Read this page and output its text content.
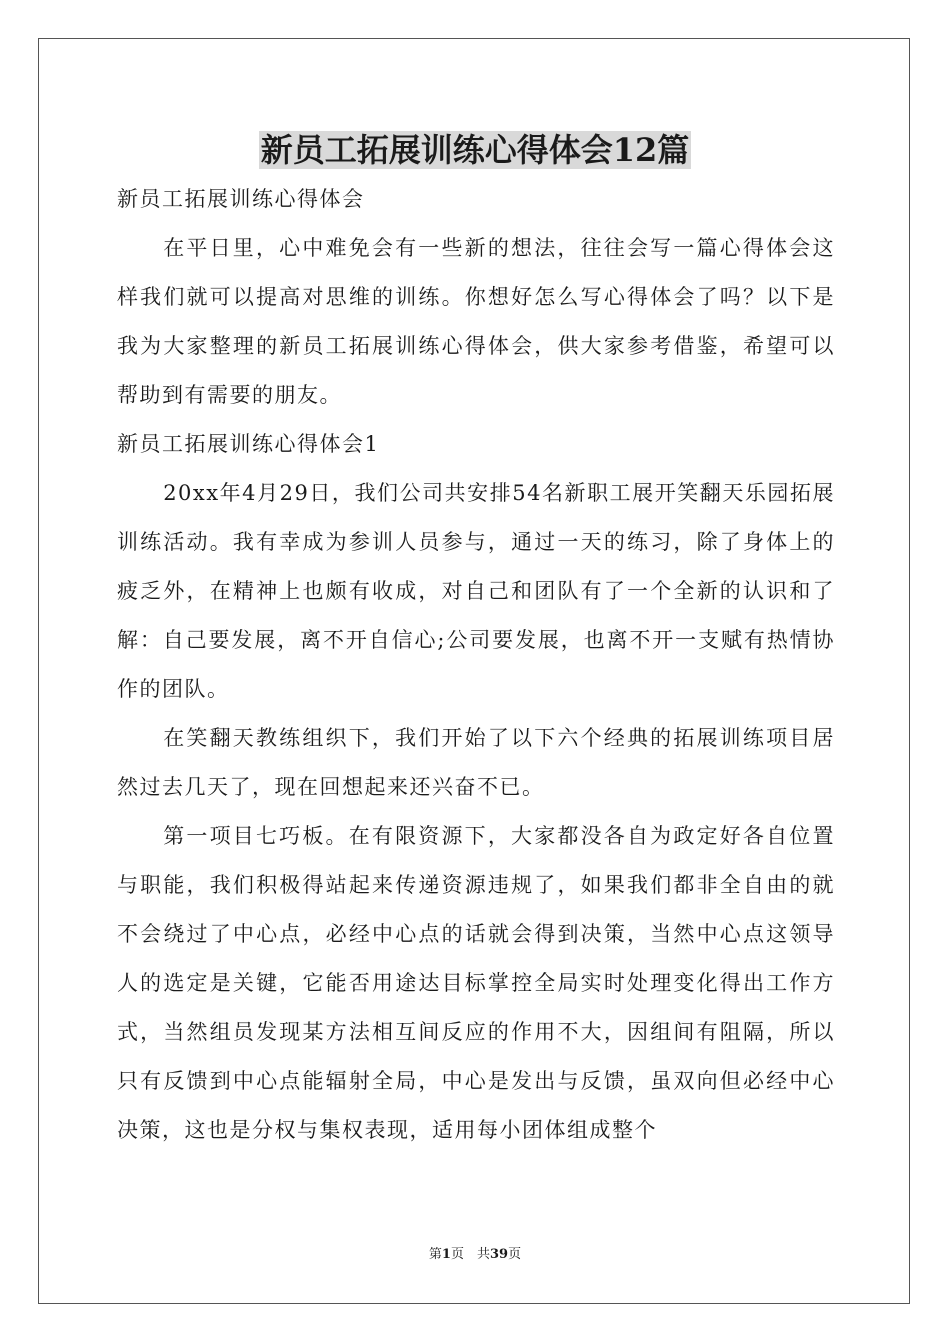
新员工拓展训练心得体会12篇

新员工拓展训练心得体会

在平日里，心中难免会有一些新的想法，往往会写一篇心得体会这样我们就可以提高对思维的训练。你想好怎么写心得体会了吗？以下是我为大家整理的新员工拓展训练心得体会，供大家参考借鉴，希望可以帮助到有需要的朋友。

新员工拓展训练心得体会1

20xx年4月29日，我们公司共安排54名新职工展开笑翻天乐园拓展训练活动。我有幸成为参训人员参与，通过一天的练习，除了身体上的疲乏外，在精神上也颇有收成，对自己和团队有了一个全新的认识和了解：自己要发展，离不开自信心;公司要发展，也离不开一支赋有热情协作的团队。

在笑翻天教练组织下，我们开始了以下六个经典的拓展训练项目居然过去几天了，现在回想起来还兴奋不已。

第一项目七巧板。在有限资源下，大家都没各自为政定好各自位置与职能，我们积极得站起来传递资源违规了，如果我们都非全自由的就不会绕过了中心点，必经中心点的话就会得到决策，当然中心点这领导人的选定是关键，它能否用途达目标掌控全局实时处理变化得出工作方式，当然组员发现某方法相互间反应的作用不大，因组间有阻隔，所以只有反馈到中心点能辐射全局，中心是发出与反馈，虽双向但必经中心决策，这也是分权与集权表现，适用每小团体组成整个

第1页　共39页
